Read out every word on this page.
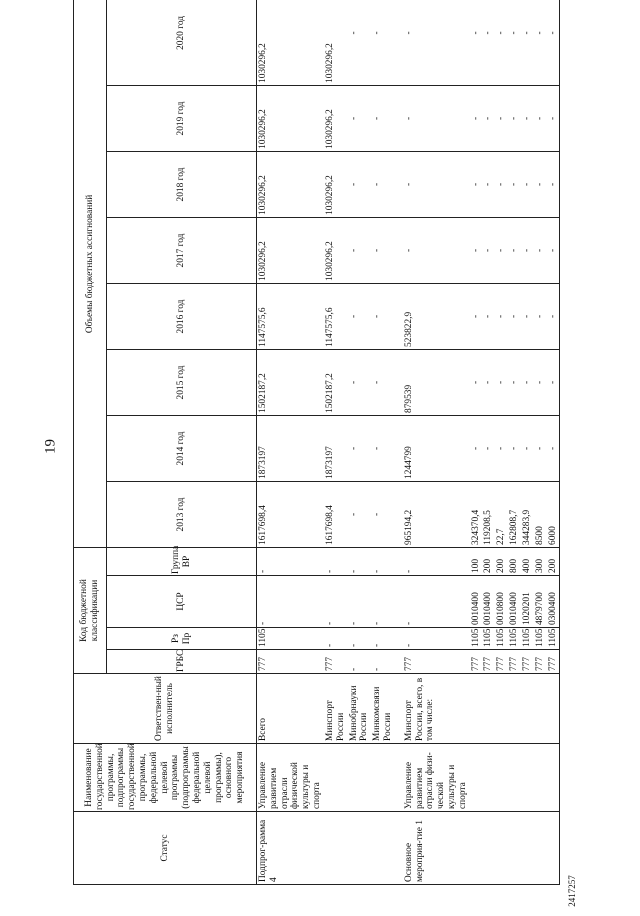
19
2417257
Статус	Наименование государственной программы, подпрограммы государственной программы, федеральной целевой программы (подпрограммы федеральной целевой программы), основного мероприятия	Ответствен-ный исполнитель	Код бюджетной классификации				Объемы бюджетных ассигнований							
			ГРБС	Рз Пр	ЦСР	Группа ВР	2013 год	2014 год	2015 год	2016 год	2017 год	2018 год	2019 год	2020 год

Подпрог-рамма 4	Управление развитием отрасли физической культуры и спорта	Всего	777	1105	-	-	1617698,4	1873197	1502187,2	1147575,6	1030296,2	1030296,2	1030296,2	1030296,2
		Минспорт России	777	-	-	-	1617698,4	1873197	1502187,2	1147575,6	1030296,2	1030296,2	1030296,2	1030296,2
		Минобрнауки России	-	-	-	-	-	-	-	-	-	-	-	-
		Минкомсвязи России	-	-	-	-	-	-	-	-	-	-	-	-

Основное мероприя-тие 1	Управление развитием отрасли физи-ческой культуры и спорта	Минспорт России, всего, в том числе:	777	-	-	-	965194,2	1244799	879539	523822,9	-	-	-	-
			777	1105	0010400	100	324370,4	-	-	-	-	-	-	-
			777	1105	0010400	200	119208,5	-	-	-	-	-	-	-
			777	1105	0010800	200	22,7	-	-	-	-	-	-	-
			777	1105	0010400	800	162808,7	-	-	-	-	-	-	-
			777	1105	1020201	400	344283,9	-	-	-	-	-	-	-
			777	1105	4879700	300	8500	-	-	-	-	-	-	-
			777	1105	0300400	200	6000	-	-	-	-	-	-	-
